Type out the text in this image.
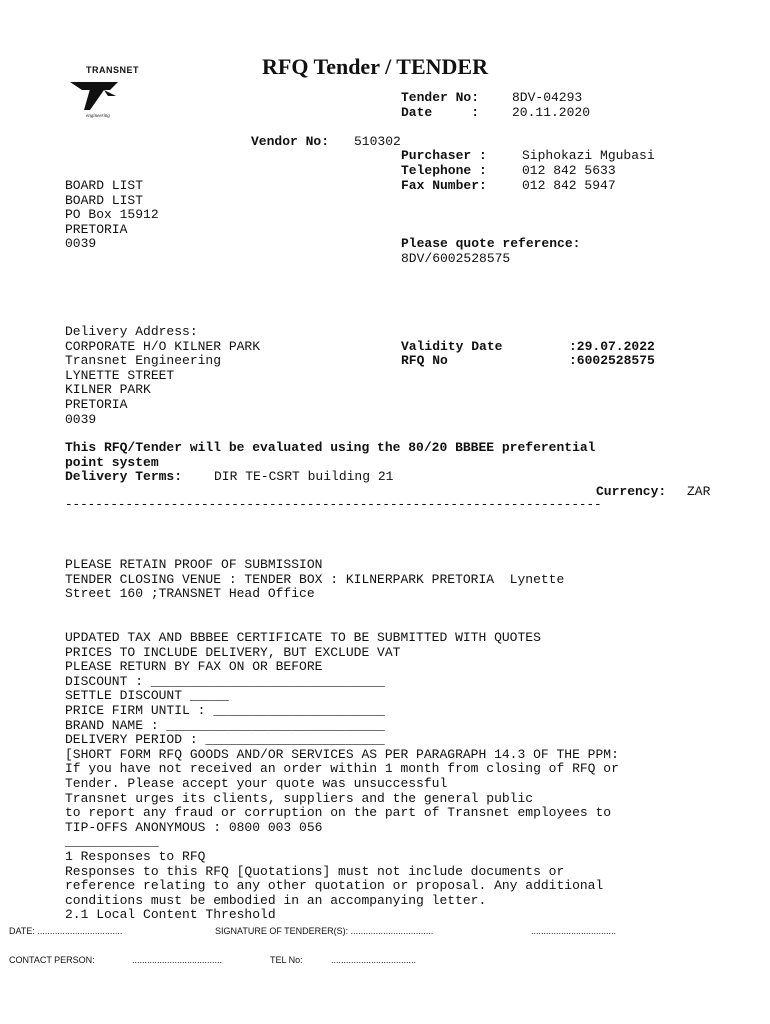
TRANSNET
engineering
RFQ Tender / TENDER
Tender No:	8DV-04293
Date     :	20.11.2020
Vendor No: 510302
Purchaser :	Siphokazi Mgubasi
Telephone :	012 842 5633
Fax Number:	012 842 5947
BOARD LIST
BOARD LIST
PO Box 15912
PRETORIA
0039	Please quote reference:
8DV/6002528575
Delivery Address:
CORPORATE H/O KILNER PARK
Transnet Engineering
LYNETTE STREET
KILNER PARK
PRETORIA
0039
Validity Date	:29.07.2022
RFQ No	:6002528575
This RFQ/Tender will be evaluated using the 80/20 BBBEE preferential
point system
Delivery Terms: DIR TE-CSRT building 21
Currency: ZAR
-----------------------------------------------------------------------
PLEASE RETAIN PROOF OF SUBMISSION
TENDER CLOSING VENUE : TENDER BOX : KILNERPARK PRETORIA  Lynette
Street 160 ;TRANSNET Head Office
UPDATED TAX AND BBBEE CERTIFICATE TO BE SUBMITTED WITH QUOTES
PRICES TO INCLUDE DELIVERY, BUT EXCLUDE VAT
PLEASE RETURN BY FAX ON OR BEFORE
DISCOUNT : ______________________________
SETTLE DISCOUNT _____
PRICE FIRM UNTIL : ______________________
BRAND NAME : ____________________________
DELIVERY PERIOD : _______________________
[SHORT FORM RFQ GOODS AND/OR SERVICES AS PER PARAGRAPH 14.3 OF THE PPM:
If you have not received an order within 1 month from closing of RFQ or
Tender. Please accept your quote was unsuccessful
Transnet urges its clients, suppliers and the general public
to report any fraud or corruption on the part of Transnet employees to
TIP-OFFS ANONYMOUS : 0800 003 056
____________
1 Responses to RFQ
Responses to this RFQ [Quotations] must not include documents or
reference relating to any other quotation or proposal. Any additional
conditions must be embodied in an accompanying letter.
2.1 Local Content Threshold
DATE: ..................................	SIGNATURE OF TENDERER(S): .................................	..................................
CONTACT PERSON:	....................................	TEL No:	..................................
